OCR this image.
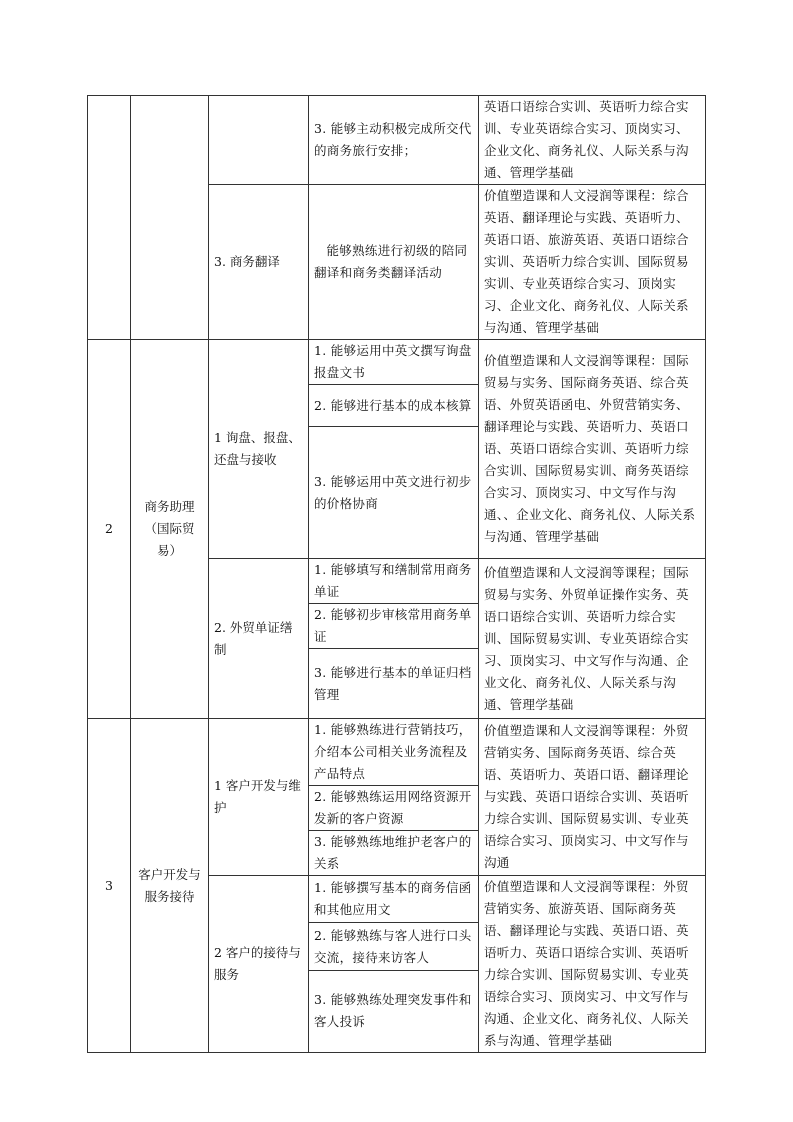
			3. 能够主动积极完成所交代的商务旅行安排；	英语口语综合实训、英语听力综合实训、专业英语综合实习、顶岗实习、企业文化、商务礼仪、人际关系与沟通、管理学基础
		3. 商务翻译	能够熟练进行初级的陪同翻译和商务类翻译活动	价值塑造课和人文浸润等课程：综合英语、翻译理论与实践、英语听力、英语口语、旅游英语、英语口语综合实训、英语听力综合实训、国际贸易实训、专业英语综合实习、顶岗实习、企业文化、商务礼仪、人际关系与沟通、管理学基础
2	商务助理（国际贸易）	1 询盘、报盘、还盘与接收	1. 能够运用中英文撰写询盘报盘文书	价值塑造课和人文浸润等课程：国际贸易与实务、国际商务英语、综合英语、外贸英语函电、外贸营销实务、翻译理论与实践、英语听力、英语口语、英语口语综合实训、英语听力综合实训、国际贸易实训、商务英语综合实习、顶岗实习、中文写作与沟通、、企业文化、商务礼仪、人际关系与沟通、管理学基础
			2. 能够进行基本的成本核算	
			3. 能够运用中英文进行初步的价格协商	
		2. 外贸单证缮制	1. 能够填写和缮制常用商务单证	价值塑造课和人文浸润等课程；国际贸易与实务、外贸单证操作实务、英语口语综合实训、英语听力综合实训、国际贸易实训、专业英语综合实习、顶岗实习、中文写作与沟通、企业文化、商务礼仪、人际关系与沟通、管理学基础
			2. 能够初步审核常用商务单证	
			3. 能够进行基本的单证归档管理	
3	客户开发与服务接待	1 客户开发与维护	1. 能够熟练进行营销技巧，介绍本公司相关业务流程及产品特点	价值塑造课和人文浸润等课程：外贸营销实务、国际商务英语、综合英语、英语听力、英语口语、翻译理论与实践、英语口语综合实训、英语听力综合实训、国际贸易实训、专业英语综合实习、顶岗实习、中文写作与沟通
			2. 能够熟练运用网络资源开发新的客户资源	
			3. 能够熟练地维护老客户的关系	
		2 客户的接待与服务	1. 能够撰写基本的商务信函和其他应用文	价值塑造课和人文浸润等课程：外贸营销实务、旅游英语、国际商务英语、翻译理论与实践、英语口语、英语听力、英语口语综合实训、英语听力综合实训、国际贸易实训、专业英语综合实习、顶岗实习、中文写作与沟通、企业文化、商务礼仪、人际关系与沟通、管理学基础
			2. 能够熟练与客人进行口头交流，接待来访客人	
			3. 能够熟练处理突发事件和客人投诉	
